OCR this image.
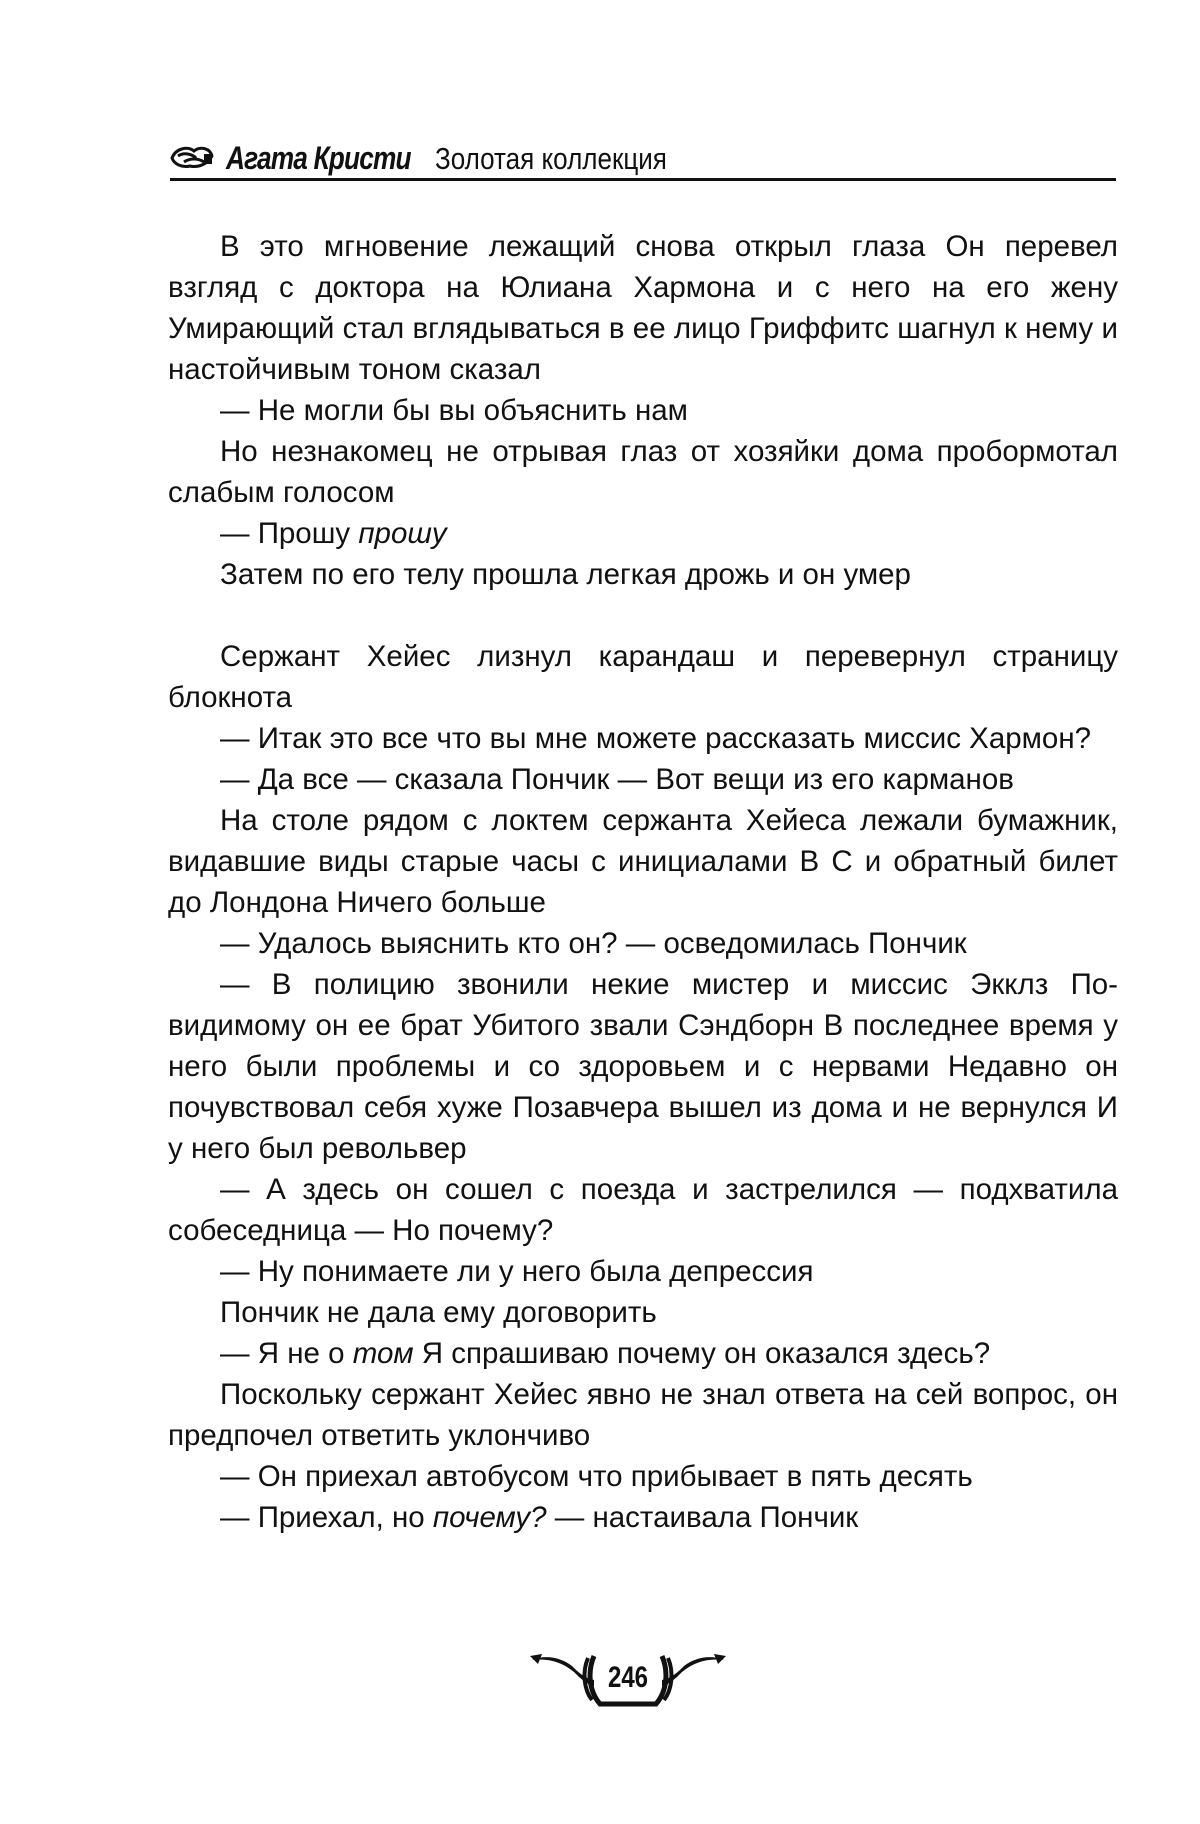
Агата Кристи Золотая коллекция

В это мгновение лежащий снова открыл глаза Он перевел взгляд с доктора на Юлиана Хармона и с него на его жену Умирающий стал вглядываться в ее лицо Гриффитс шагнул к нему и настойчивым тоном сказал

— Не могли бы вы объяснить нам

Но незнакомец не отрывая глаз от хозяйки дома пробормотал слабым голосом

— Прошу прошу

Затем по его телу прошла легкая дрожь и он умер

Сержант Хейес лизнул карандаш и перевернул страницу блокнота

— Итак это все что вы мне можете рассказать миссис Хармон?

— Да все — сказала Пончик — Вот вещи из его карманов

На столе рядом с локтем сержанта Хейеса лежали бумажник, видавшие виды старые часы с инициалами В С и обратный билет до Лондона Ничего больше

— Удалось выяснить кто он? — осведомилась Пончик

— В полицию звонили некие мистер и миссис Экклз По-видимому он ее брат Убитого звали Сэндборн В последнее время у него были проблемы и со здоровьем и с нервами Недавно он почувствовал себя хуже Позавчера вышел из дома и не вернулся И у него был револьвер

— А здесь он сошел с поезда и застрелился — подхватила собеседница — Но почему?

— Ну понимаете ли у него была депрессия

Пончик не дала ему договорить

— Я не о том Я спрашиваю почему он оказался здесь?

Поскольку сержант Хейес явно не знал ответа на сей вопрос, он предпочел ответить уклончиво

— Он приехал автобусом что прибывает в пять десять

— Приехал, но почему? — настаивала Пончик

246
